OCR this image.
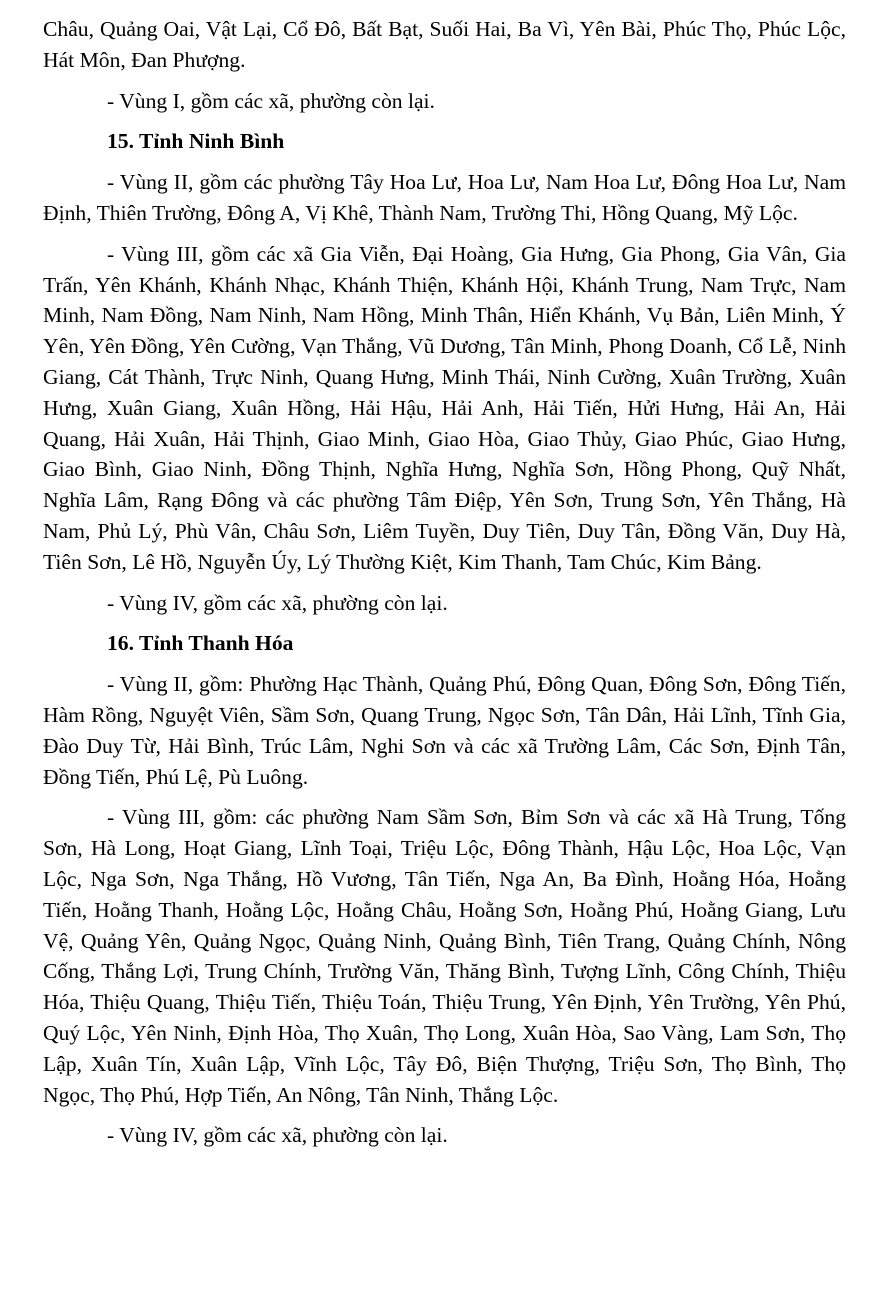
Châu, Quảng Oai, Vật Lại, Cổ Đô, Bất Bạt, Suối Hai, Ba Vì, Yên Bài, Phúc Thọ, Phúc Lộc, Hát Môn, Đan Phượng.

- Vùng I, gồm các xã, phường còn lại.

15. Tỉnh Ninh Bình

- Vùng II, gồm các phường Tây Hoa Lư, Hoa Lư, Nam Hoa Lư, Đông Hoa Lư, Nam Định, Thiên Trường, Đông A, Vị Khê, Thành Nam, Trường Thi, Hồng Quang, Mỹ Lộc.

- Vùng III, gồm các xã Gia Viễn, Đại Hoàng, Gia Hưng, Gia Phong, Gia Vân, Gia Trấn, Yên Khánh, Khánh Nhạc, Khánh Thiện, Khánh Hội, Khánh Trung, Nam Trực, Nam Minh, Nam Đồng, Nam Ninh, Nam Hồng, Minh Thân, Hiển Khánh, Vụ Bản, Liên Minh, Ý Yên, Yên Đồng, Yên Cường, Vạn Thắng, Vũ Dương, Tân Minh, Phong Doanh, Cổ Lễ, Ninh Giang, Cát Thành, Trực Ninh, Quang Hưng, Minh Thái, Ninh Cường, Xuân Trường, Xuân Hưng, Xuân Giang, Xuân Hồng, Hải Hậu, Hải Anh, Hải Tiến, Hửi Hưng, Hải An, Hải Quang, Hải Xuân, Hải Thịnh, Giao Minh, Giao Hòa, Giao Thủy, Giao Phúc, Giao Hưng, Giao Bình, Giao Ninh, Đồng Thịnh, Nghĩa Hưng, Nghĩa Sơn, Hồng Phong, Quỹ Nhất, Nghĩa Lâm, Rạng Đông và các phường Tâm Điệp, Yên Sơn, Trung Sơn, Yên Thắng, Hà Nam, Phủ Lý, Phù Vân, Châu Sơn, Liêm Tuyền, Duy Tiên, Duy Tân, Đồng Văn, Duy Hà, Tiên Sơn, Lê Hồ, Nguyễn Úy, Lý Thường Kiệt, Kim Thanh, Tam Chúc, Kim Bảng.

- Vùng IV, gồm các xã, phường còn lại.

16. Tỉnh Thanh Hóa

- Vùng II, gồm: Phường Hạc Thành, Quảng Phú, Đông Quan, Đông Sơn, Đông Tiến, Hàm Rồng, Nguyệt Viên, Sầm Sơn, Quang Trung, Ngọc Sơn, Tân Dân, Hải Lĩnh, Tĩnh Gia, Đào Duy Từ, Hải Bình, Trúc Lâm, Nghi Sơn và các xã Trường Lâm, Các Sơn, Định Tân, Đồng Tiến, Phú Lệ, Pù Luông.

- Vùng III, gồm: các phường Nam Sầm Sơn, Bỉm Sơn và các xã Hà Trung, Tống Sơn, Hà Long, Hoạt Giang, Lĩnh Toại, Triệu Lộc, Đông Thành, Hậu Lộc, Hoa Lộc, Vạn Lộc, Nga Sơn, Nga Thắng, Hồ Vương, Tân Tiến, Nga An, Ba Đình, Hoằng Hóa, Hoằng Tiến, Hoằng Thanh, Hoằng Lộc, Hoằng Châu, Hoằng Sơn, Hoằng Phú, Hoằng Giang, Lưu Vệ, Quảng Yên, Quảng Ngọc, Quảng Ninh, Quảng Bình, Tiên Trang, Quảng Chính, Nông Cống, Thắng Lợi, Trung Chính, Trường Văn, Thăng Bình, Tượng Lĩnh, Công Chính, Thiệu Hóa, Thiệu Quang, Thiệu Tiến, Thiệu Toán, Thiệu Trung, Yên Định, Yên Trường, Yên Phú, Quý Lộc, Yên Ninh, Định Hòa, Thọ Xuân, Thọ Long, Xuân Hòa, Sao Vàng, Lam Sơn, Thọ Lập, Xuân Tín, Xuân Lập, Vĩnh Lộc, Tây Đô, Biện Thượng, Triệu Sơn, Thọ Bình, Thọ Ngọc, Thọ Phú, Hợp Tiến, An Nông, Tân Ninh, Thắng Lộc.

- Vùng IV, gồm các xã, phường còn lại.
